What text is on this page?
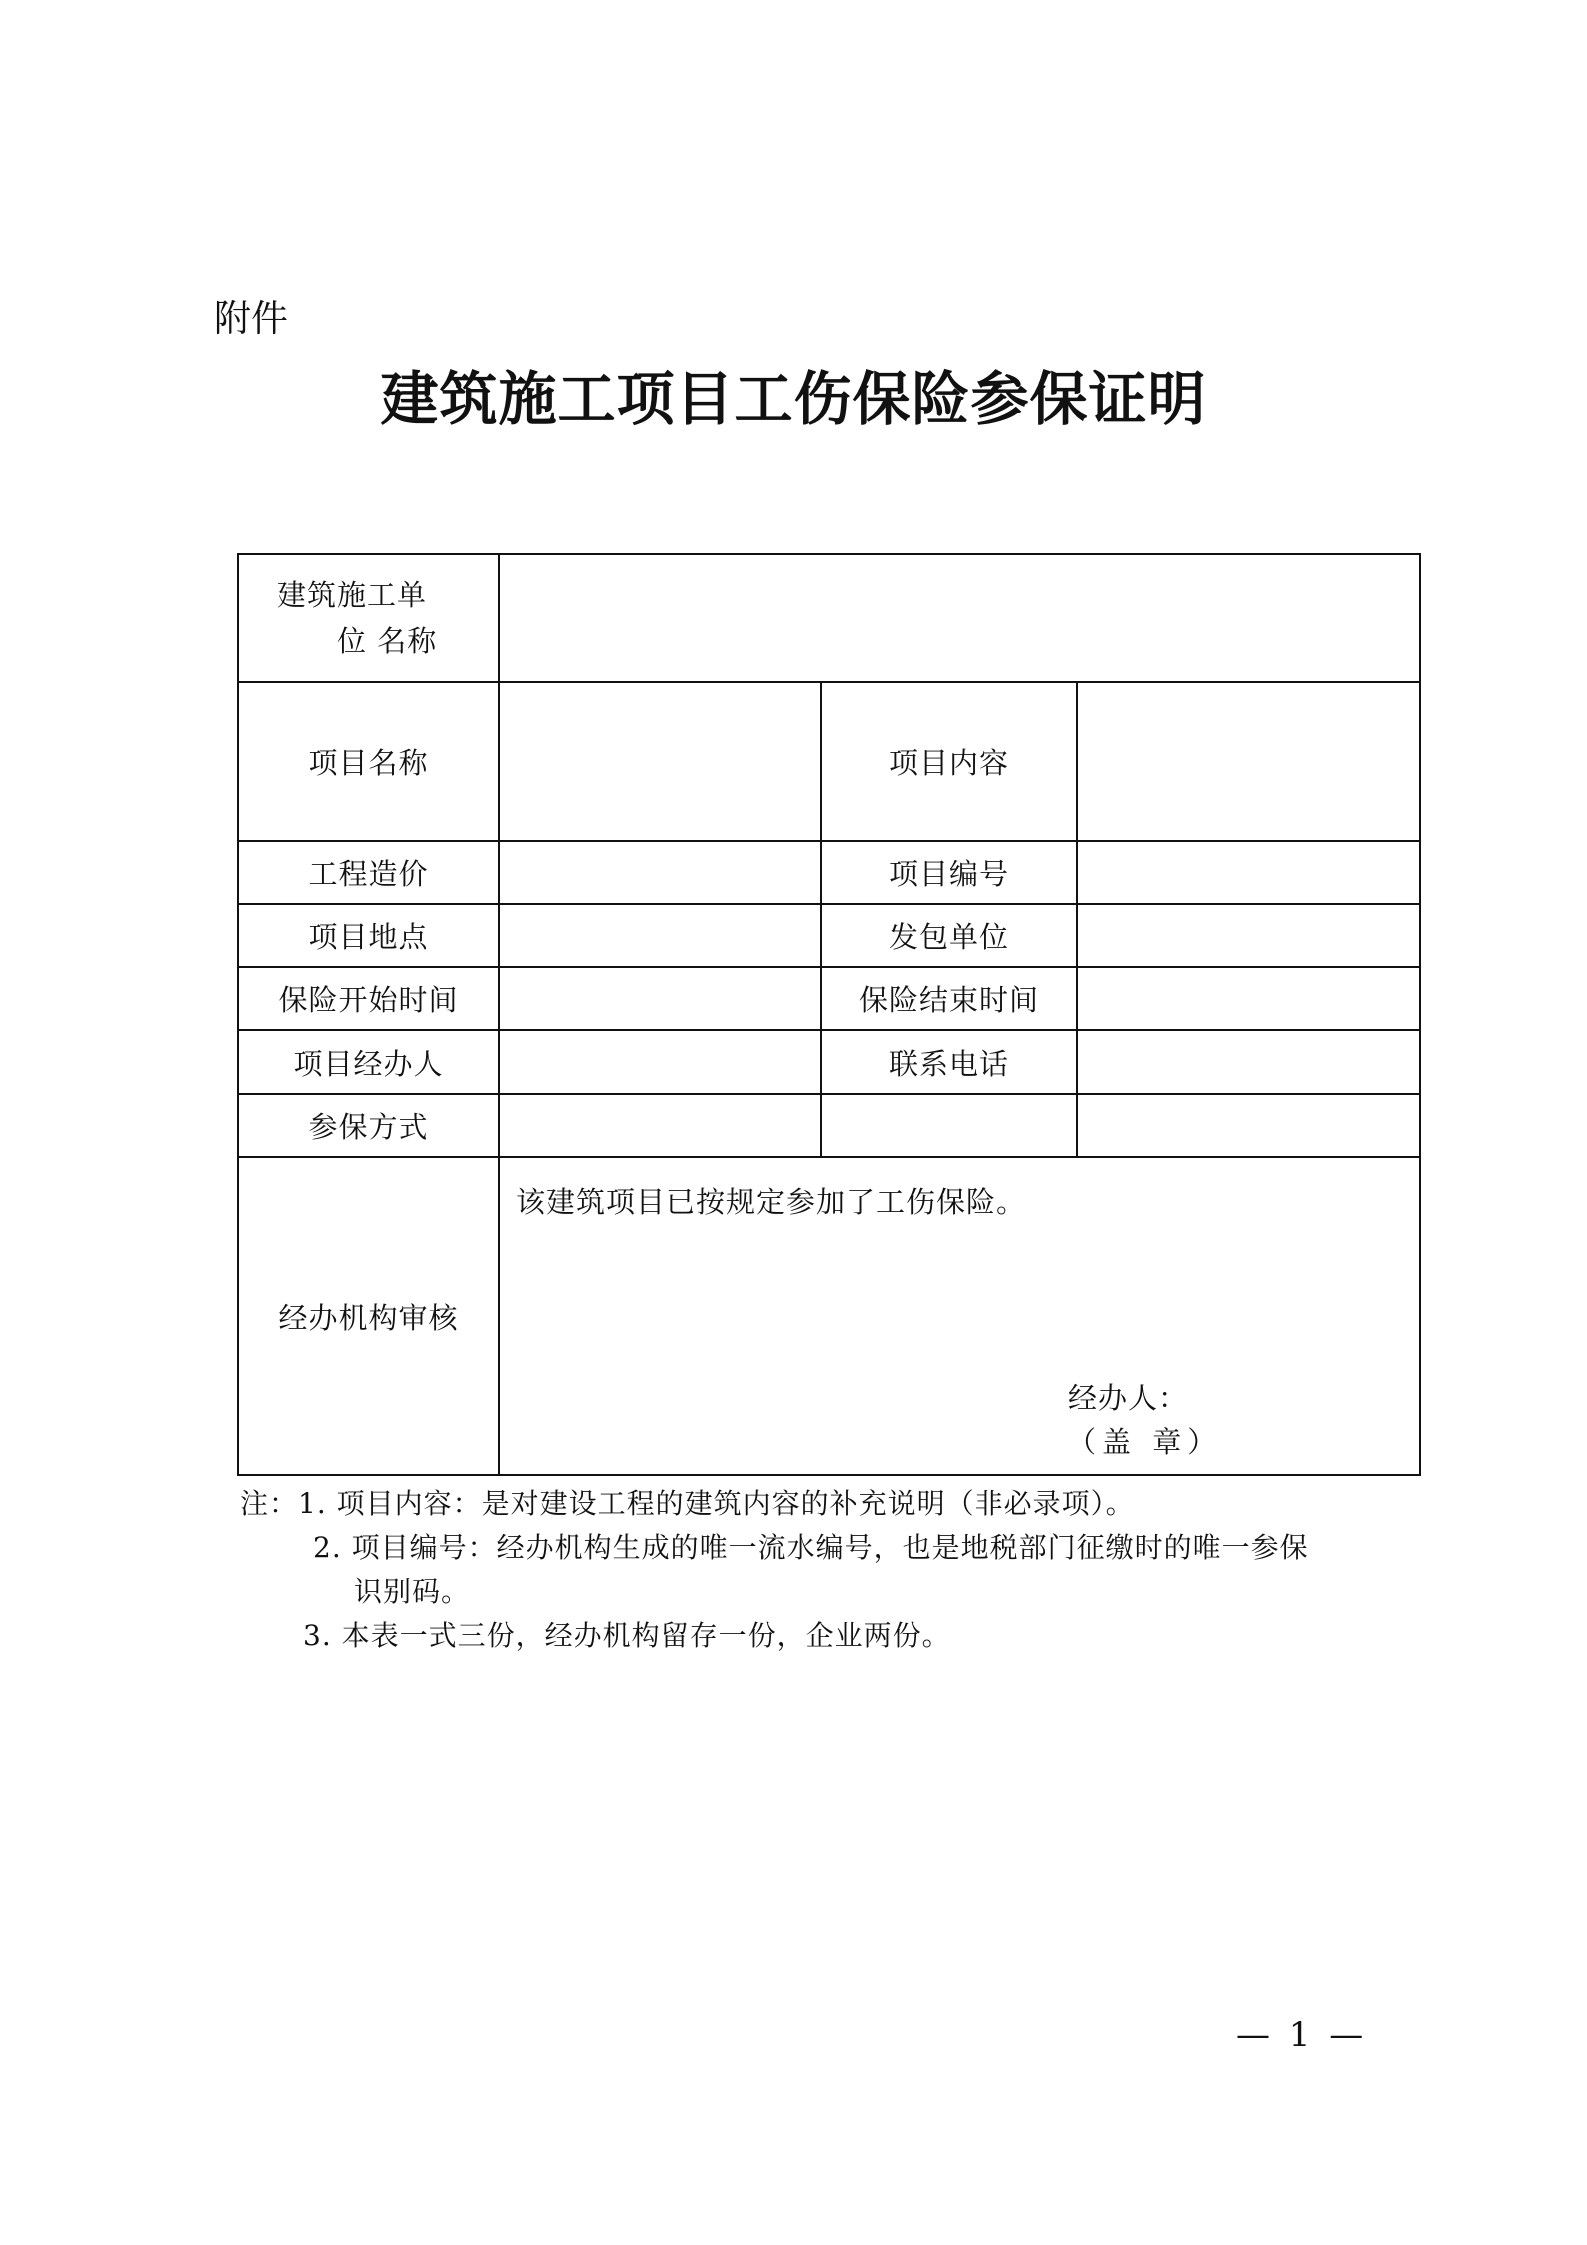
附件
建筑施工项目工伤保险参保证明
建筑施工单
位 名称			

项目名称		项目内容	
工程造价		项目编号	
项目地点		发包单位	
保险开始时间		保险结束时间	
项目经办人		联系电话	
参保方式			
经办机构审核	该建筑项目已按规定参加了工伤保险。
经办人：
（盖 章）		
注：1. 项目内容：是对建设工程的建筑内容的补充说明（非必录项）。
2. 项目编号：经办机构生成的唯一流水编号，也是地税部门征缴时的唯一参保
识别码。
3. 本表一式三份，经办机构留存一份，企业两份。
— 1 —
